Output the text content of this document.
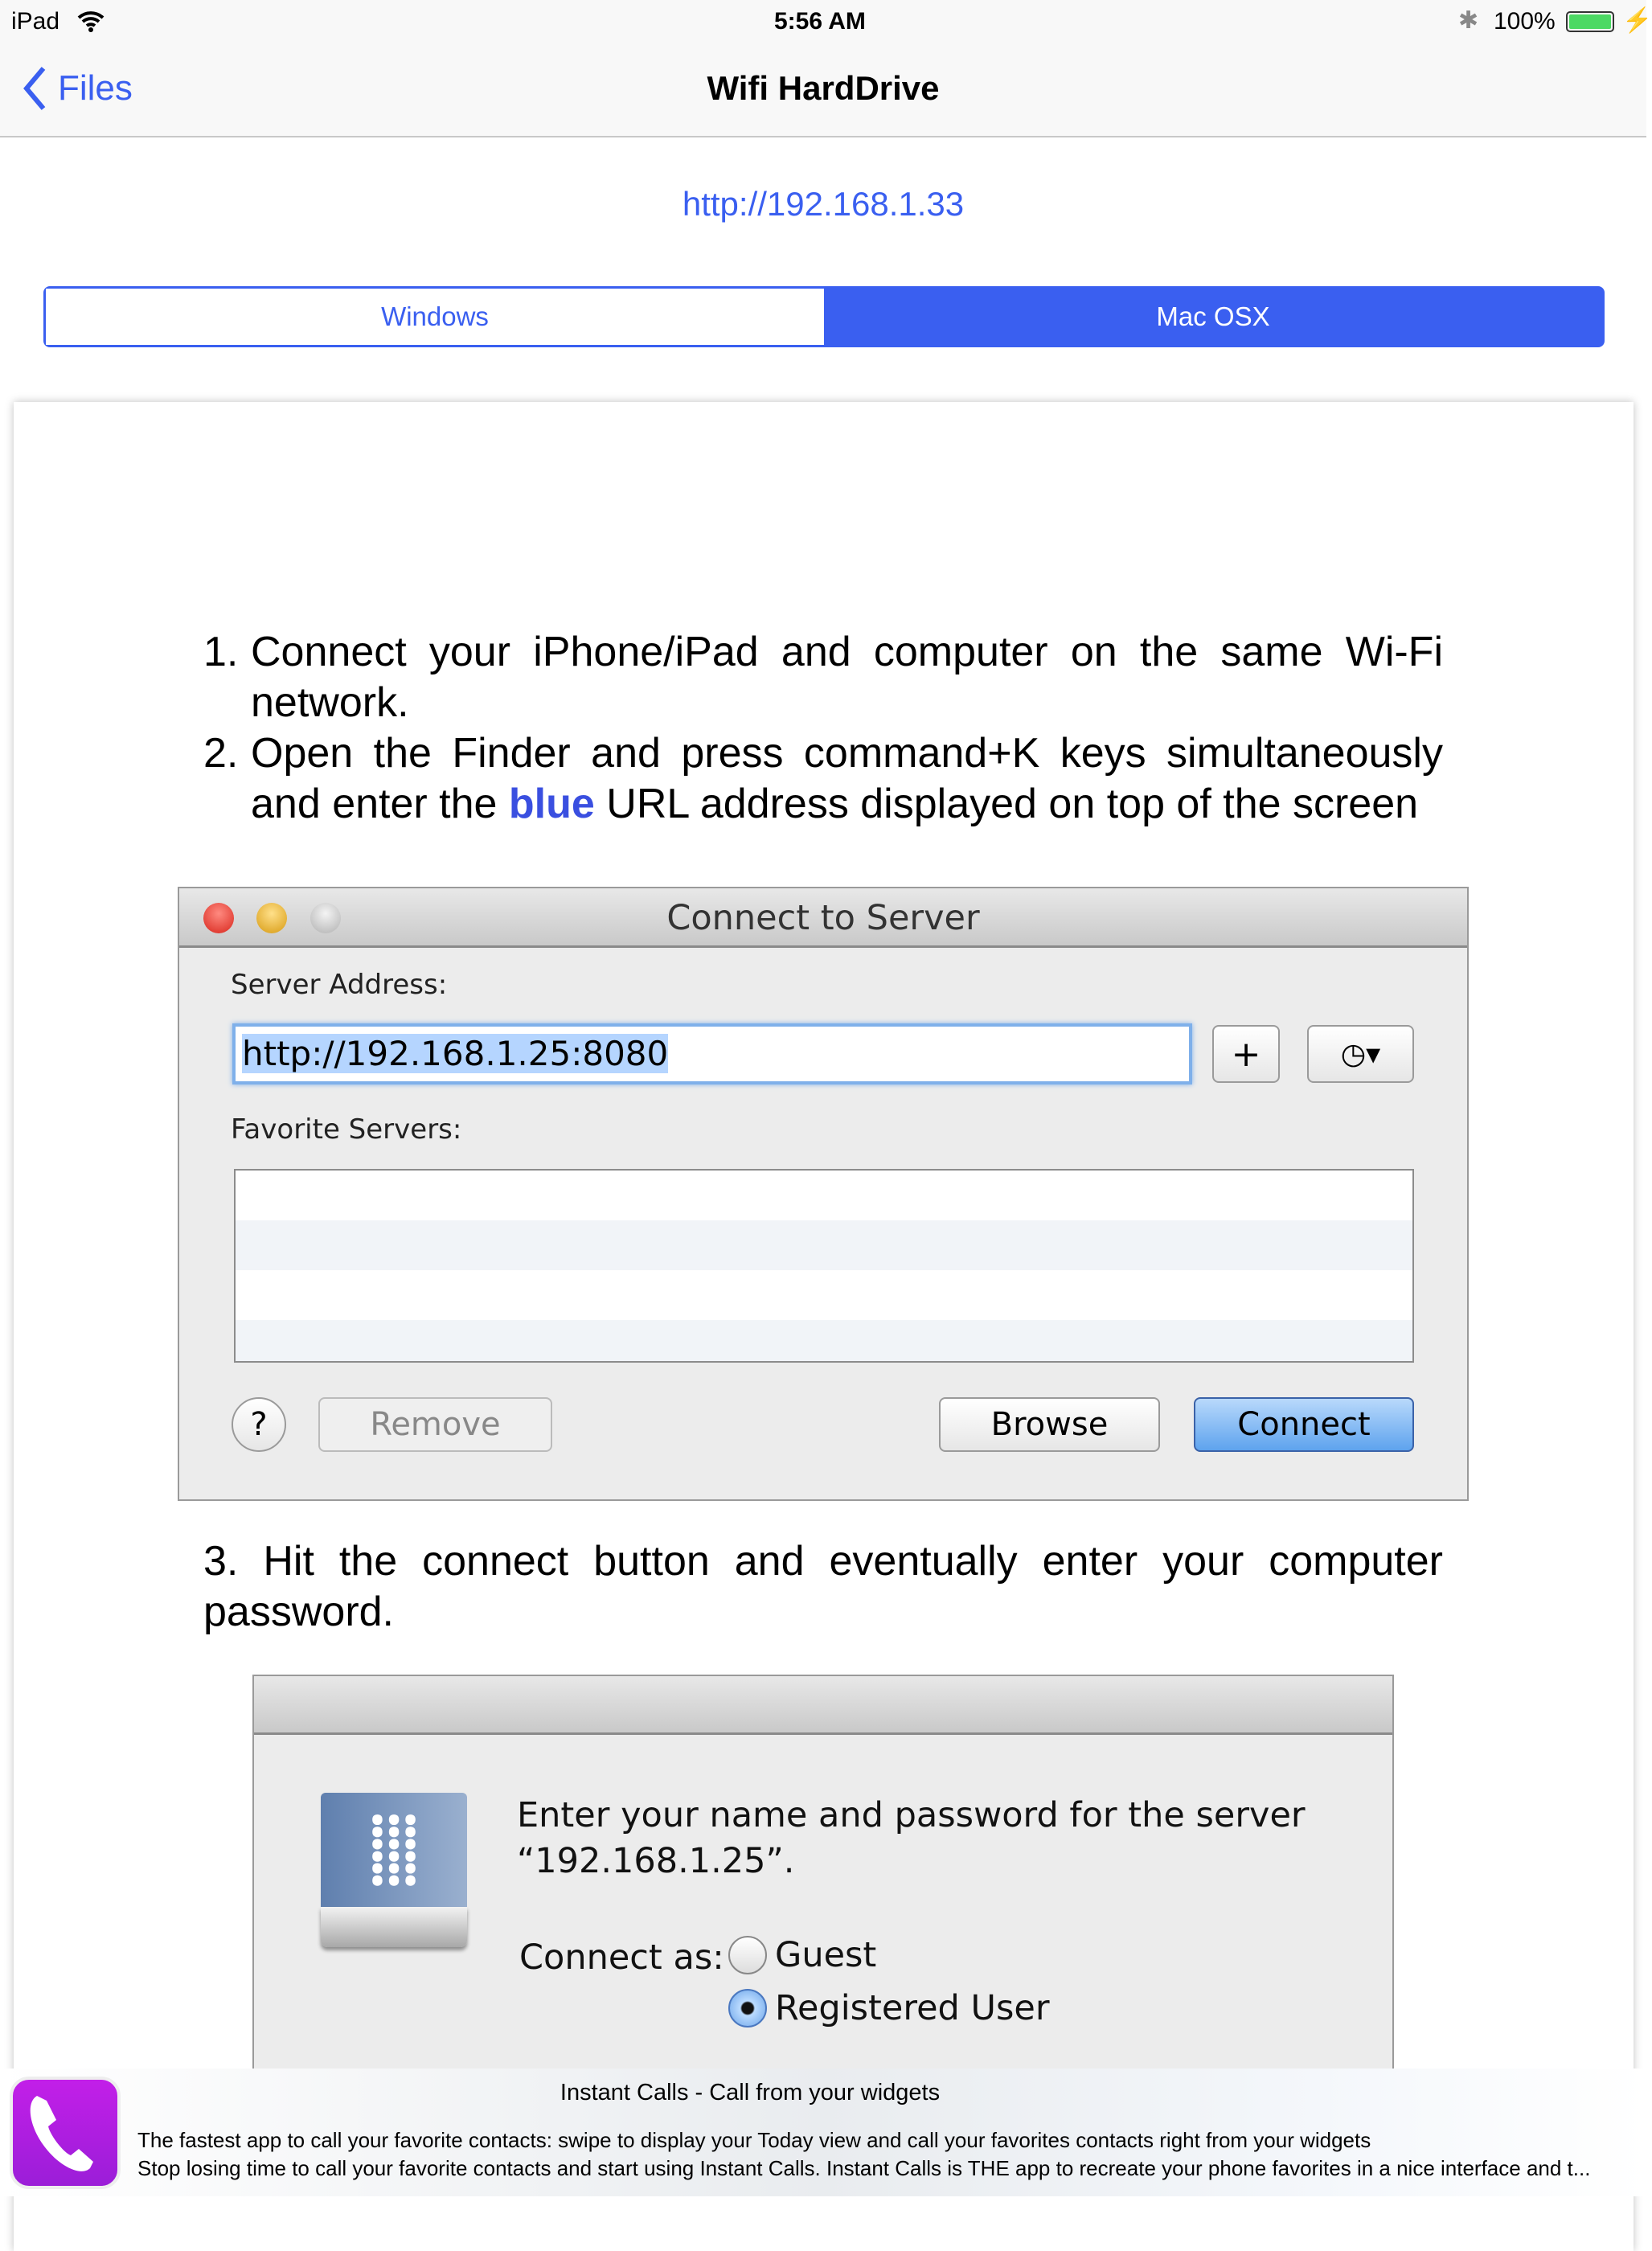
iPad	5:56 AM	✱ 100%	⚡
Files	Wifi HardDrive
http://192.168.1.33
Windows	Mac OSX
1. Connect your iPhone/iPad and computer on the same Wi-Fi network.
2. Open the Finder and press command+K keys simultaneously and enter the blue URL address displayed on top of the screen
Connect to Server
Server Address:
http://192.168.1.25:8080	+	◷▾
Favorite Servers:
?	Remove	Browse	Connect
3. Hit the connect button and eventually enter your computer password.
⸽⸽⸽	Enter your name and password for the server
“192.168.1.25”.
Connect as: Guest
Registered User
Instant Calls - Call from your widgets
The fastest app to call your favorite contacts: swipe to display your Today view and call your favorites contacts right from your widgets
Stop losing time to call your favorite contacts and start using Instant Calls. Instant Calls is THE app to recreate your phone favorites in a nice interface and t...
